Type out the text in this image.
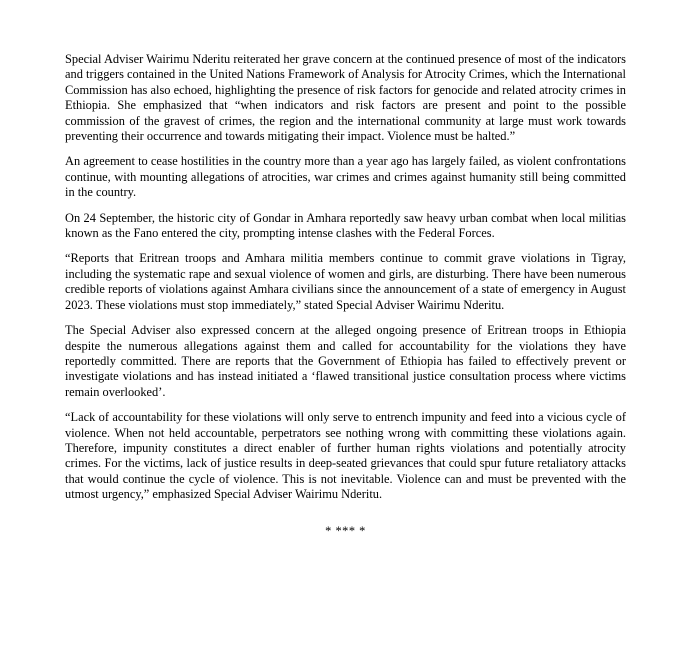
Special Adviser Wairimu Nderitu reiterated her grave concern at the continued presence of most of the indicators and triggers contained in the United Nations Framework of Analysis for Atrocity Crimes, which the International Commission has also echoed, highlighting the presence of risk factors for genocide and related atrocity crimes in Ethiopia. She emphasized that “when indicators and risk factors are present and point to the possible commission of the gravest of crimes, the region and the international community at large must work towards preventing their occurrence and towards mitigating their impact. Violence must be halted.”

An agreement to cease hostilities in the country more than a year ago has largely failed, as violent confrontations continue, with mounting allegations of atrocities, war crimes and crimes against humanity still being committed in the country.

On 24 September, the historic city of Gondar in Amhara reportedly saw heavy urban combat when local militias known as the Fano entered the city, prompting intense clashes with the Federal Forces.

“Reports that Eritrean troops and Amhara militia members continue to commit grave violations in Tigray, including the systematic rape and sexual violence of women and girls, are disturbing. There have been numerous credible reports of violations against Amhara civilians since the announcement of a state of emergency in August 2023. These violations must stop immediately,” stated Special Adviser Wairimu Nderitu.

The Special Adviser also expressed concern at the alleged ongoing presence of Eritrean troops in Ethiopia despite the numerous allegations against them and called for accountability for the violations they have reportedly committed. There are reports that the Government of Ethiopia has failed to effectively prevent or investigate violations and has instead initiated a ‘flawed transitional justice consultation process where victims remain overlooked’.

“Lack of accountability for these violations will only serve to entrench impunity and feed into a vicious cycle of violence. When not held accountable, perpetrators see nothing wrong with committing these violations again. Therefore, impunity constitutes a direct enabler of further human rights violations and potentially atrocity crimes. For the victims, lack of justice results in deep-seated grievances that could spur future retaliatory attacks that would continue the cycle of violence. This is not inevitable. Violence can and must be prevented with the utmost urgency,” emphasized Special Adviser Wairimu Nderitu.

* *** *
